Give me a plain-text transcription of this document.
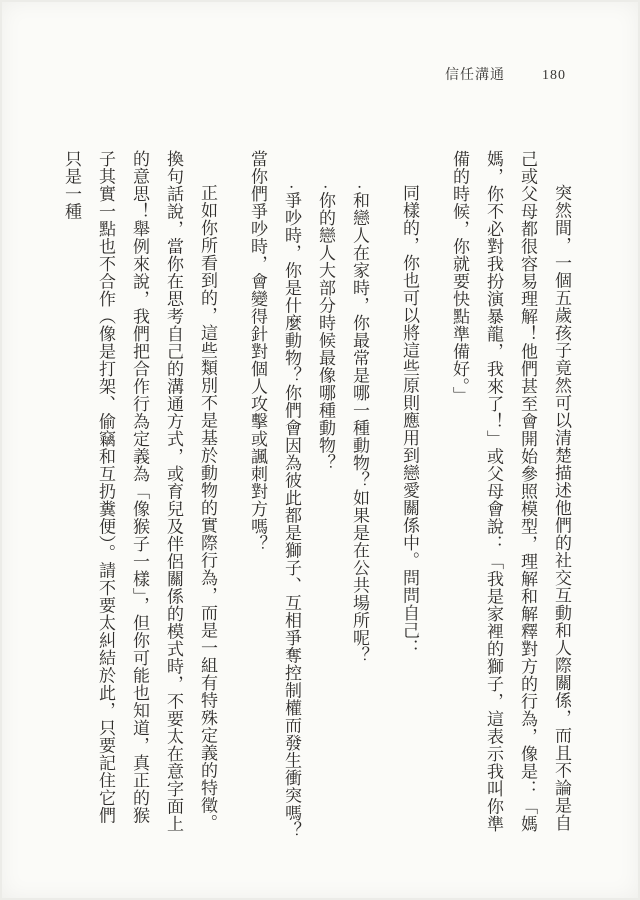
信任溝通	180

突然間，一個五歲孩子竟然可以清楚描述他們的社交互動和人際關係，而且不論是自己或父母都很容易理解！他們甚至會開始參照模型，理解和解釋對方的行為，像是：「媽媽，你不必對我扮演暴龍，我來了！」或父母會說：「我是家裡的獅子，這表示我叫你準備的時候，你就要快點準備好。」

同樣的，你也可以將這些原則應用到戀愛關係中。問問自己：

·和戀人在家時，你最常是哪一種動物？如果是在公共場所呢？

·你的戀人大部分時候最像哪種動物？

·爭吵時，你是什麼動物？你們會因為彼此都是獅子、互相爭奪控制權而發生衝突嗎？當你們爭吵時，會變得針對個人攻擊或諷刺對方嗎？

正如你所看到的，這些類別不是基於動物的實際行為，而是一組有特殊定義的特徵。換句話說，當你在思考自己的溝通方式，或育兒及伴侶關係的模式時，不要太在意字面上的意思！舉例來說，我們把合作行為定義為「像猴子一樣」，但你可能也知道，真正的猴子其實一點也不合作（像是打架、偷竊和互扔糞便）。請不要太糾結於此，只要記住它們只是一種
